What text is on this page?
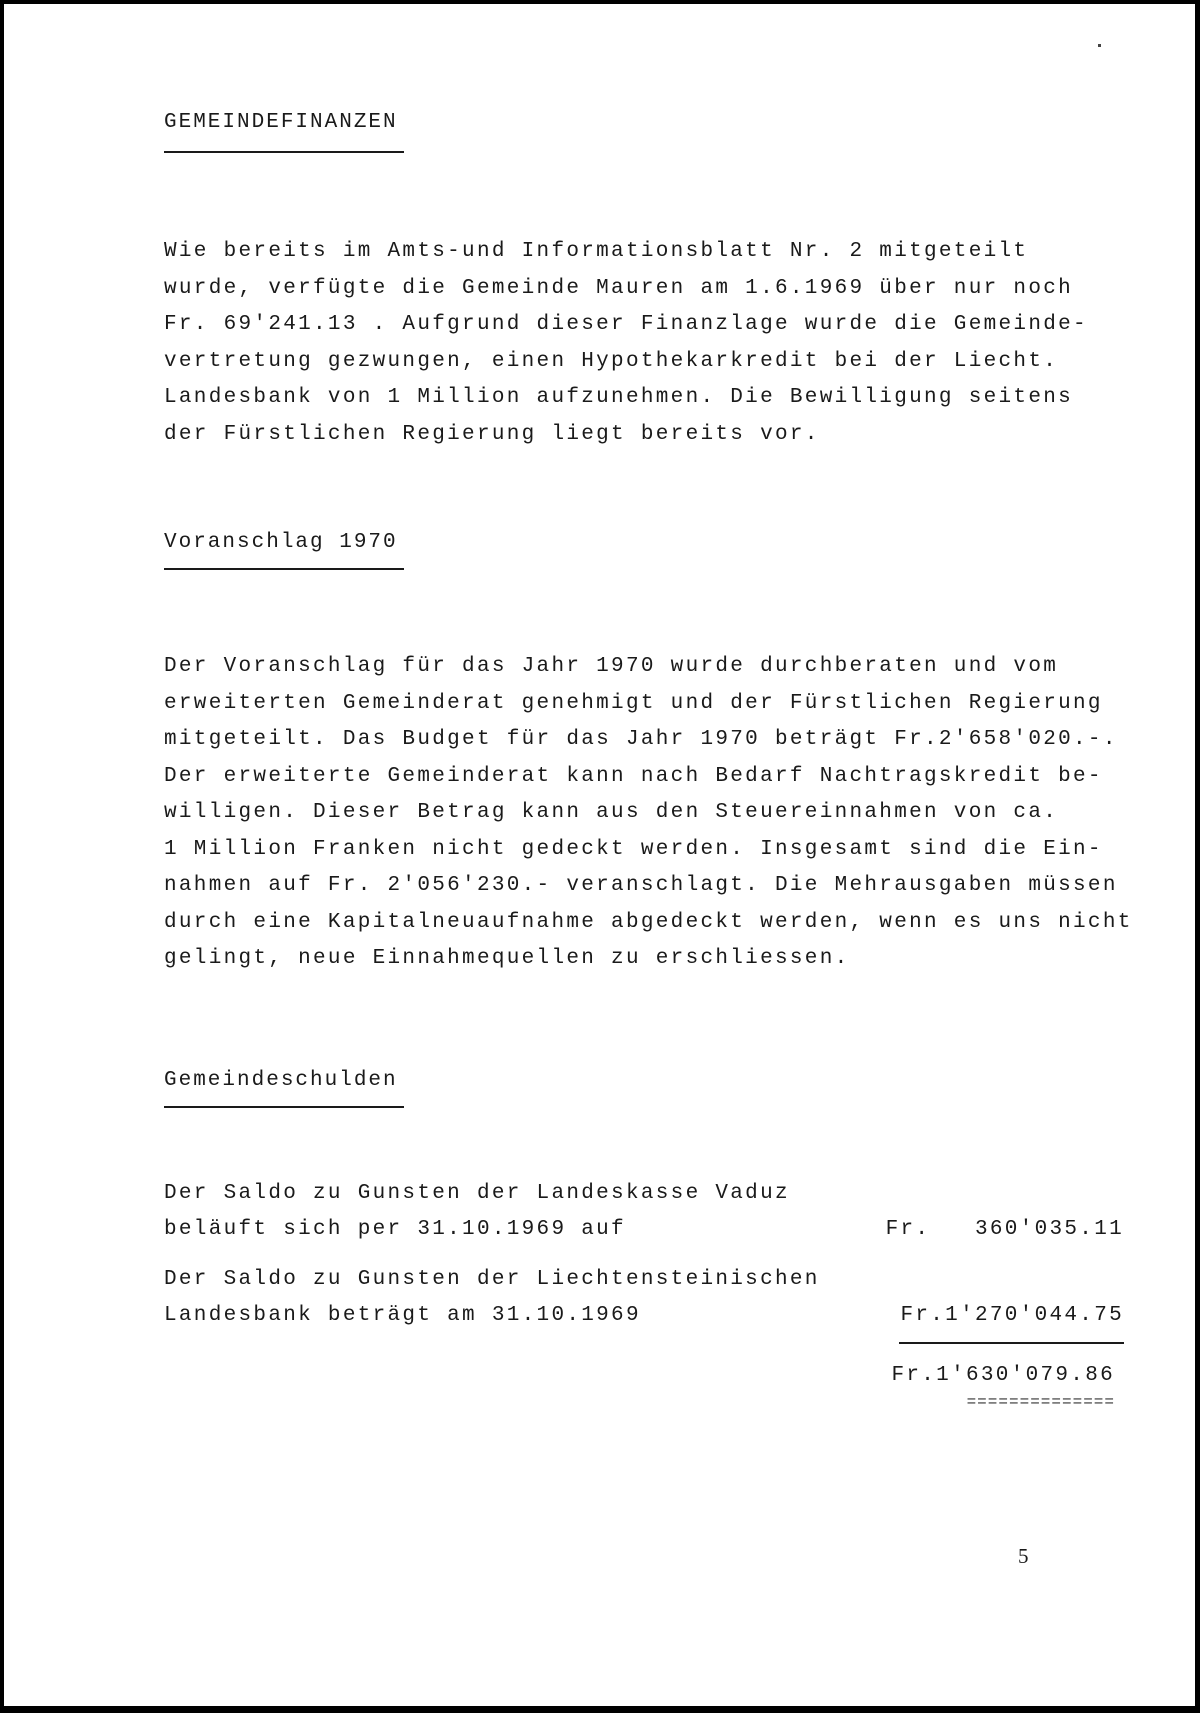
GEMEINDEFINANZEN
Wie bereits im Amts-und Informationsblatt Nr. 2 mitgeteilt
wurde, verfügte die Gemeinde Mauren am 1.6.1969 über nur noch
Fr. 69'241.13 . Aufgrund dieser Finanzlage wurde die Gemeinde-
vertretung gezwungen, einen Hypothekarkredit bei der Liecht.
Landesbank von 1 Million aufzunehmen. Die Bewilligung seitens
der Fürstlichen Regierung liegt bereits vor.
Voranschlag 1970
Der Voranschlag für das Jahr 1970 wurde durchberaten und vom
erweiterten Gemeinderat genehmigt und der Fürstlichen Regierung
mitgeteilt. Das Budget für das Jahr 1970 beträgt Fr.2'658'020.-.
Der erweiterte Gemeinderat kann nach Bedarf Nachtragskredit be-
willigen. Dieser Betrag kann aus den Steuereinnahmen von ca.
1 Million Franken nicht gedeckt werden. Insgesamt sind die Ein-
nahmen auf Fr. 2'056'230.- veranschlagt. Die Mehrausgaben müssen
durch eine Kapitalneuaufnahme abgedeckt werden, wenn es uns nicht
gelingt, neue Einnahmequellen zu erschliessen.
Gemeindeschulden
Der Saldo zu Gunsten der Landeskasse Vaduz
beläuft sich per 31.10.1969 auf	Fr.   360'035.11
Der Saldo zu Gunsten der Liechtensteinischen
Landesbank beträgt am 31.10.1969	Fr.1'270'044.75
Fr.1'630'079.86
==============
5
